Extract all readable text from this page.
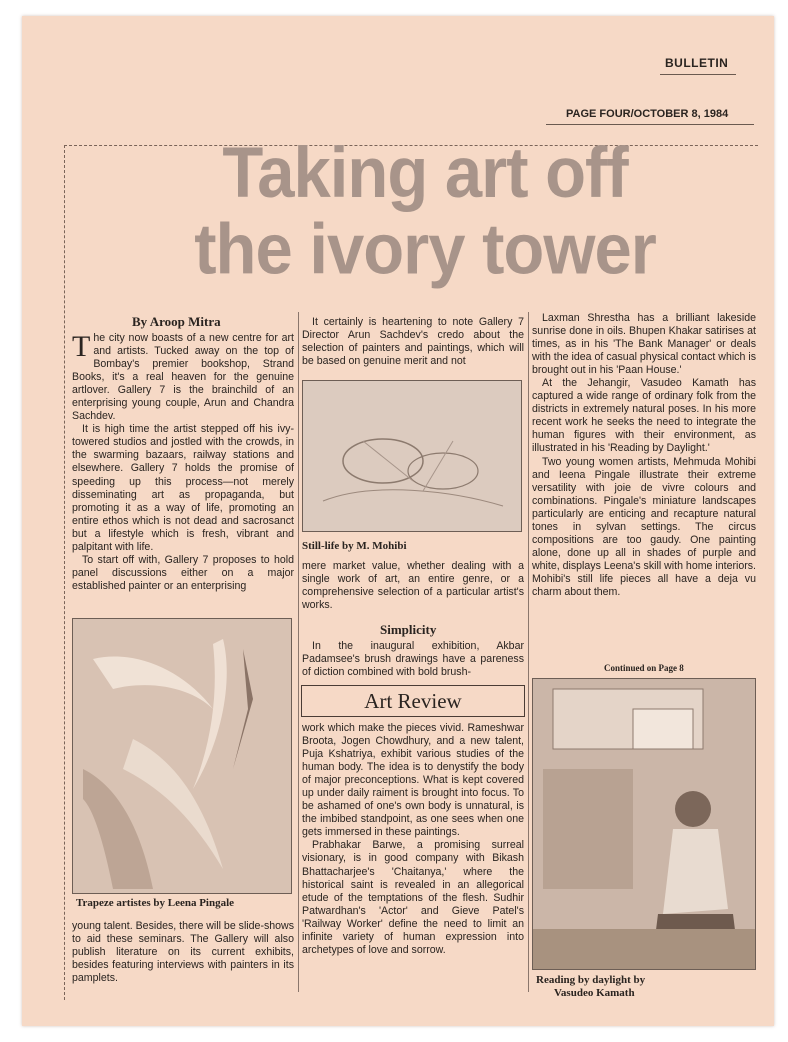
BULLETIN
PAGE FOUR/OCTOBER 8, 1984
Taking art off
the ivory tower
By Aroop Mitra

The city now boasts of a new centre for art and artists. Tucked away on the top of Bombay's premier bookshop, Strand Books, it's a real heaven for the genuine artlover. Gallery 7 is the brainchild of an enterprising young couple, Arun and Chandra Sachdev.

It is high time the artist stepped off his ivy-towered studios and jostled with the crowds, in the swarming bazaars, railway stations and elsewhere. Gallery 7 holds the promise of speeding up this process—not merely disseminating art as propaganda, but promoting it as a way of life, promoting an entire ethos which is not dead and sacrosanct but a lifestyle which is fresh, vibrant and palpitant with life.

To start off with, Gallery 7 proposes to hold panel discussions either on a major established painter or an enterprising

Trapeze artistes by Leena Pingale

young talent. Besides, there will be slide-shows to aid these seminars. The Gallery will also publish literature on its current exhibits, besides featuring interviews with painters in its pamplets.

It certainly is heartening to note Gallery 7 Director Arun Sachdev's credo about the selection of painters and paintings, which will be based on genuine merit and not

Still-life by M. Mohibi

mere market value, whether dealing with a single work of art, an entire genre, or a comprehensive selection of a particular artist's works.

Simplicity

In the inaugural exhibition, Akbar Padamsee's brush drawings have a pareness of diction combined with bold brush-

Art Review

work which make the pieces vivid. Rameshwar Broota, Jogen Chowdhury, and a new talent, Puja Kshatriya, exhibit various studies of the human body. The idea is to denystify the body of major preconceptions. What is kept covered up under daily raiment is brought into focus. To be ashamed of one's own body is unnatural, is the imbibed standpoint, as one sees when one gets immersed in these paintings.

Prabhakar Barwe, a promising surreal visionary, is in good company with Bikash Bhattacharjee's 'Chaitanya,' where the historical saint is revealed in an allegorical etude of the temptations of the flesh. Sudhir Patwardhan's 'Actor' and Gieve Patel's 'Railway Worker' define the need to limit an infinite variety of human expression into archetypes of love and sorrow.

Laxman Shrestha has a brilliant lakeside sunrise done in oils. Bhupen Khakar satirises at times, as in his 'The Bank Manager' or deals with the idea of casual physical contact which is brought out in his 'Paan House.'

At the Jehangir, Vasudeo Kamath has captured a wide range of ordinary folk from the districts in extremely natural poses. In his more recent work he seeks the need to integrate the human figures with their environment, as illustrated in his 'Reading by Daylight.'

Two young women artists, Mehmuda Mohibi and Ieena Pingale illustrate their extreme versatility with joie de vivre colours and combinations. Pingale's miniature landscapes particularly are enticing and recapture natural tones in sylvan settings. The circus compositions are too gaudy. One painting alone, done up all in shades of purple and white, displays Leena's skill with home interiors. Mohibi's still life pieces all have a deja vu charm about them.

Continued on Page 8
Reading by daylight by
Vasudeo Kamath
